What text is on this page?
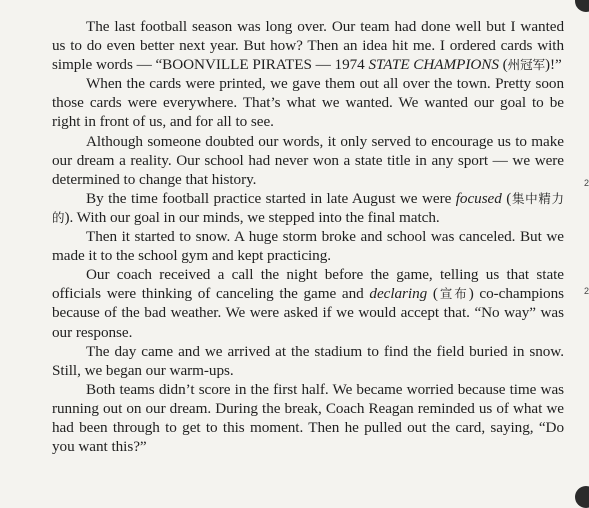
2
2

The last football season was long over. Our team had done well but I wanted us to do even better next year. But how? Then an idea hit me. I ordered cards with simple words — “BOONVILLE PIRATES — 1974 STATE CHAMPIONS (州冠军)!”

When the cards were printed, we gave them out all over the town. Pretty soon those cards were everywhere. That’s what we wanted. We wanted our goal to be right in front of us, and for all to see.

Although someone doubted our words, it only served to encourage us to make our dream a reality. Our school had never won a state title in any sport — we were determined to change that history.

By the time football practice started in late August we were focused (集中精力的). With our goal in our minds, we stepped into the final match.

Then it started to snow. A huge storm broke and school was canceled. But we made it to the school gym and kept practicing.

Our coach received a call the night before the game, telling us that state officials were thinking of canceling the game and declaring (宣布) co-champions because of the bad weather. We were asked if we would accept that. “No way” was our response.

The day came and we arrived at the stadium to find the field buried in snow. Still, we began our warm-ups.

Both teams didn’t score in the first half. We became worried because time was running out on our dream. During the break, Coach Reagan reminded us of what we had been through to get to this moment. Then he pulled out the card, saying, “Do you want this?”
